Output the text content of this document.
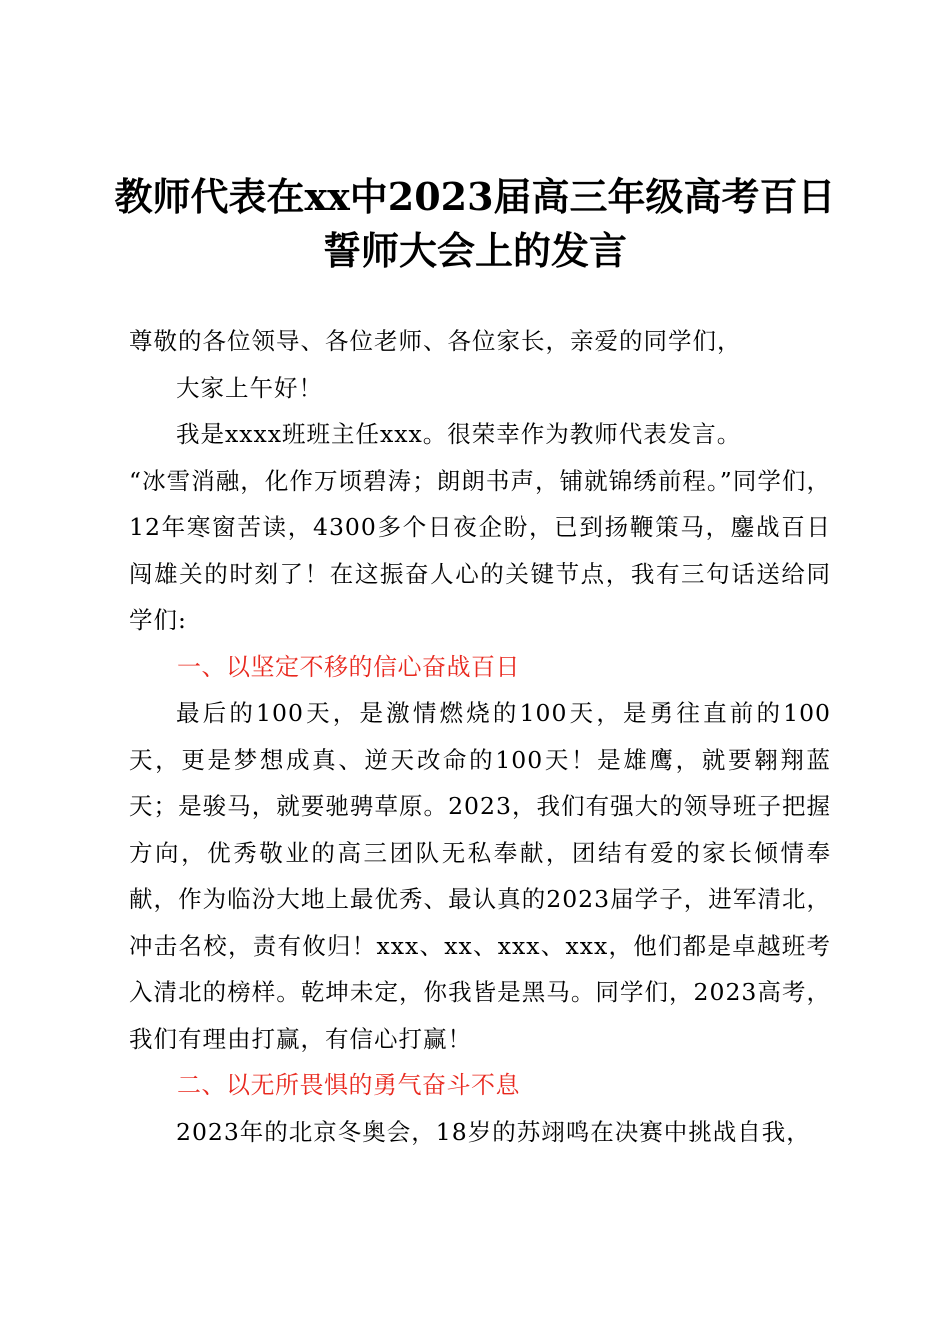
教师代表在xx中2023届高三年级高考百日誓师大会上的发言

尊敬的各位领导、各位老师、各位家长，亲爱的同学们，

大家上午好！

我是xxxx班班主任xxx。很荣幸作为教师代表发言。

“冰雪消融，化作万顷碧涛；朗朗书声，铺就锦绣前程。”同学们，12年寒窗苦读，4300多个日夜企盼，已到扬鞭策马，鏖战百日闯雄关的时刻了！在这振奋人心的关键节点，我有三句话送给同学们:

一、以坚定不移的信心奋战百日

最后的100天，是激情燃烧的100天，是勇往直前的100天，更是梦想成真、逆天改命的100天！是雄鹰，就要翱翔蓝天；是骏马，就要驰骋草原。2023，我们有强大的领导班子把握方向，优秀敬业的高三团队无私奉献，团结有爱的家长倾情奉献，作为临汾大地上最优秀、最认真的2023届学子，进军清北，冲击名校，责有攸归！xxx、xx、xxx、xxx，他们都是卓越班考入清北的榜样。乾坤未定，你我皆是黑马。同学们，2023高考，我们有理由打赢，有信心打赢！

二、以无所畏惧的勇气奋斗不息

2023年的北京冬奥会，18岁的苏翊鸣在决赛中挑战自我，
